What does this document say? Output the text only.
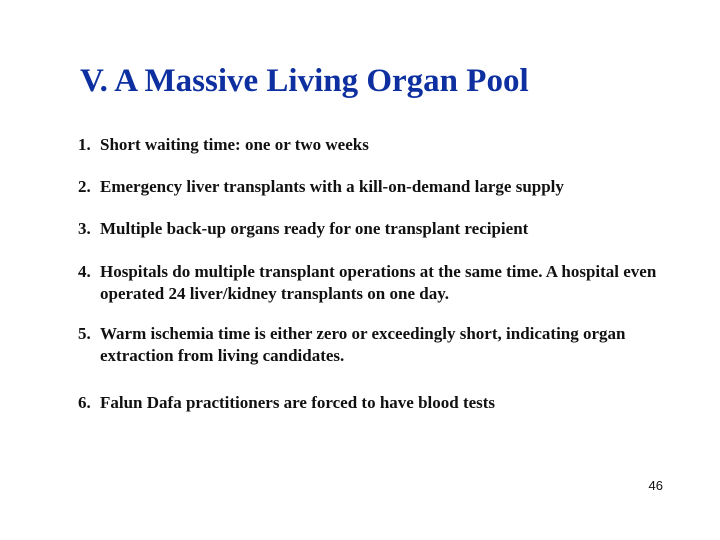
V. A Massive Living Organ Pool
1. Short waiting time: one or two weeks
2. Emergency liver transplants with a kill-on-demand large supply
3. Multiple back-up organs ready for one transplant recipient
4. Hospitals do multiple transplant operations at the same time. A hospital even operated 24 liver/kidney transplants on one day.
5. Warm ischemia time is either zero or exceedingly short, indicating organ extraction from living candidates.
6. Falun Dafa practitioners are forced to have blood tests
46
